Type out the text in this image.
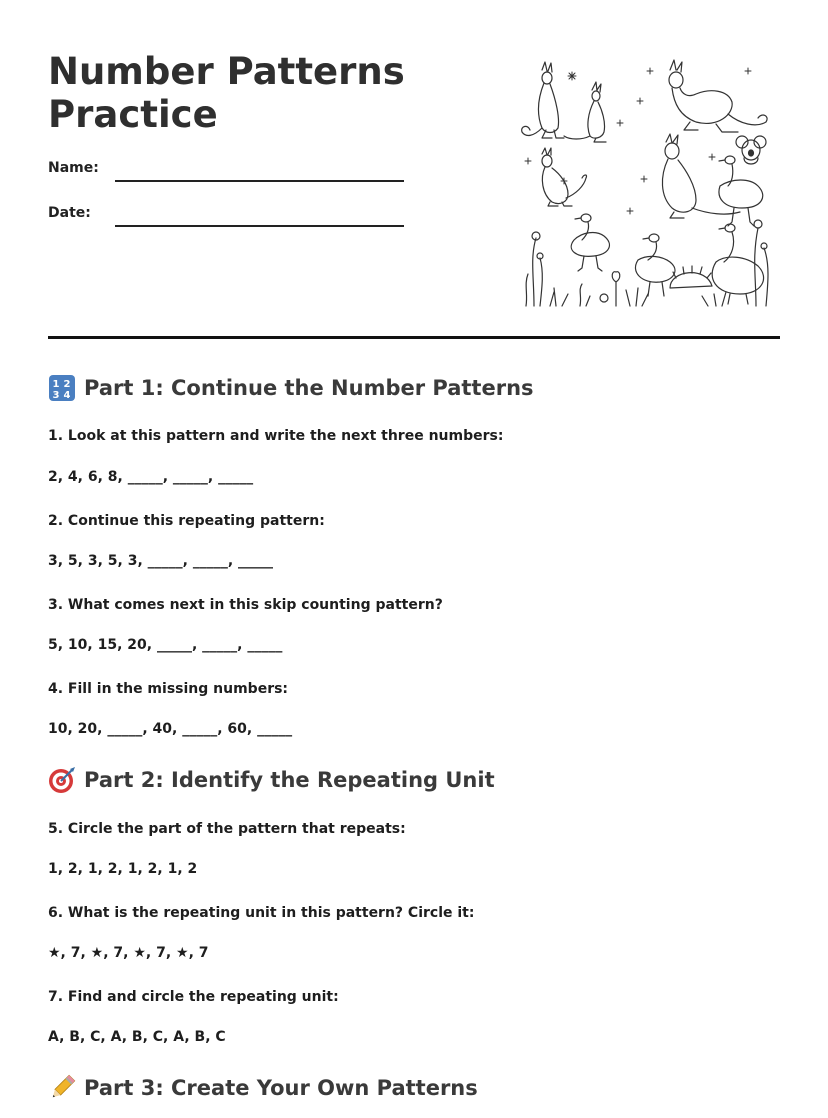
Number Patterns
Practice
Name:
Date:
1 2
3 4 Part 1: Continue the Number Patterns
1. Look at this pattern and write the next three numbers:
2, 4, 6, 8, _____, _____, _____
2. Continue this repeating pattern:
3, 5, 3, 5, 3, _____, _____, _____
3. What comes next in this skip counting pattern?
5, 10, 15, 20, _____, _____, _____
4. Fill in the missing numbers:
10, 20, _____, 40, _____, 60, _____
Part 2: Identify the Repeating Unit
5. Circle the part of the pattern that repeats:
1, 2, 1, 2, 1, 2, 1, 2
6. What is the repeating unit in this pattern? Circle it:
★, 7, ★, 7, ★, 7, ★, 7
7. Find and circle the repeating unit:
A, B, C, A, B, C, A, B, C
Part 3: Create Your Own Patterns
